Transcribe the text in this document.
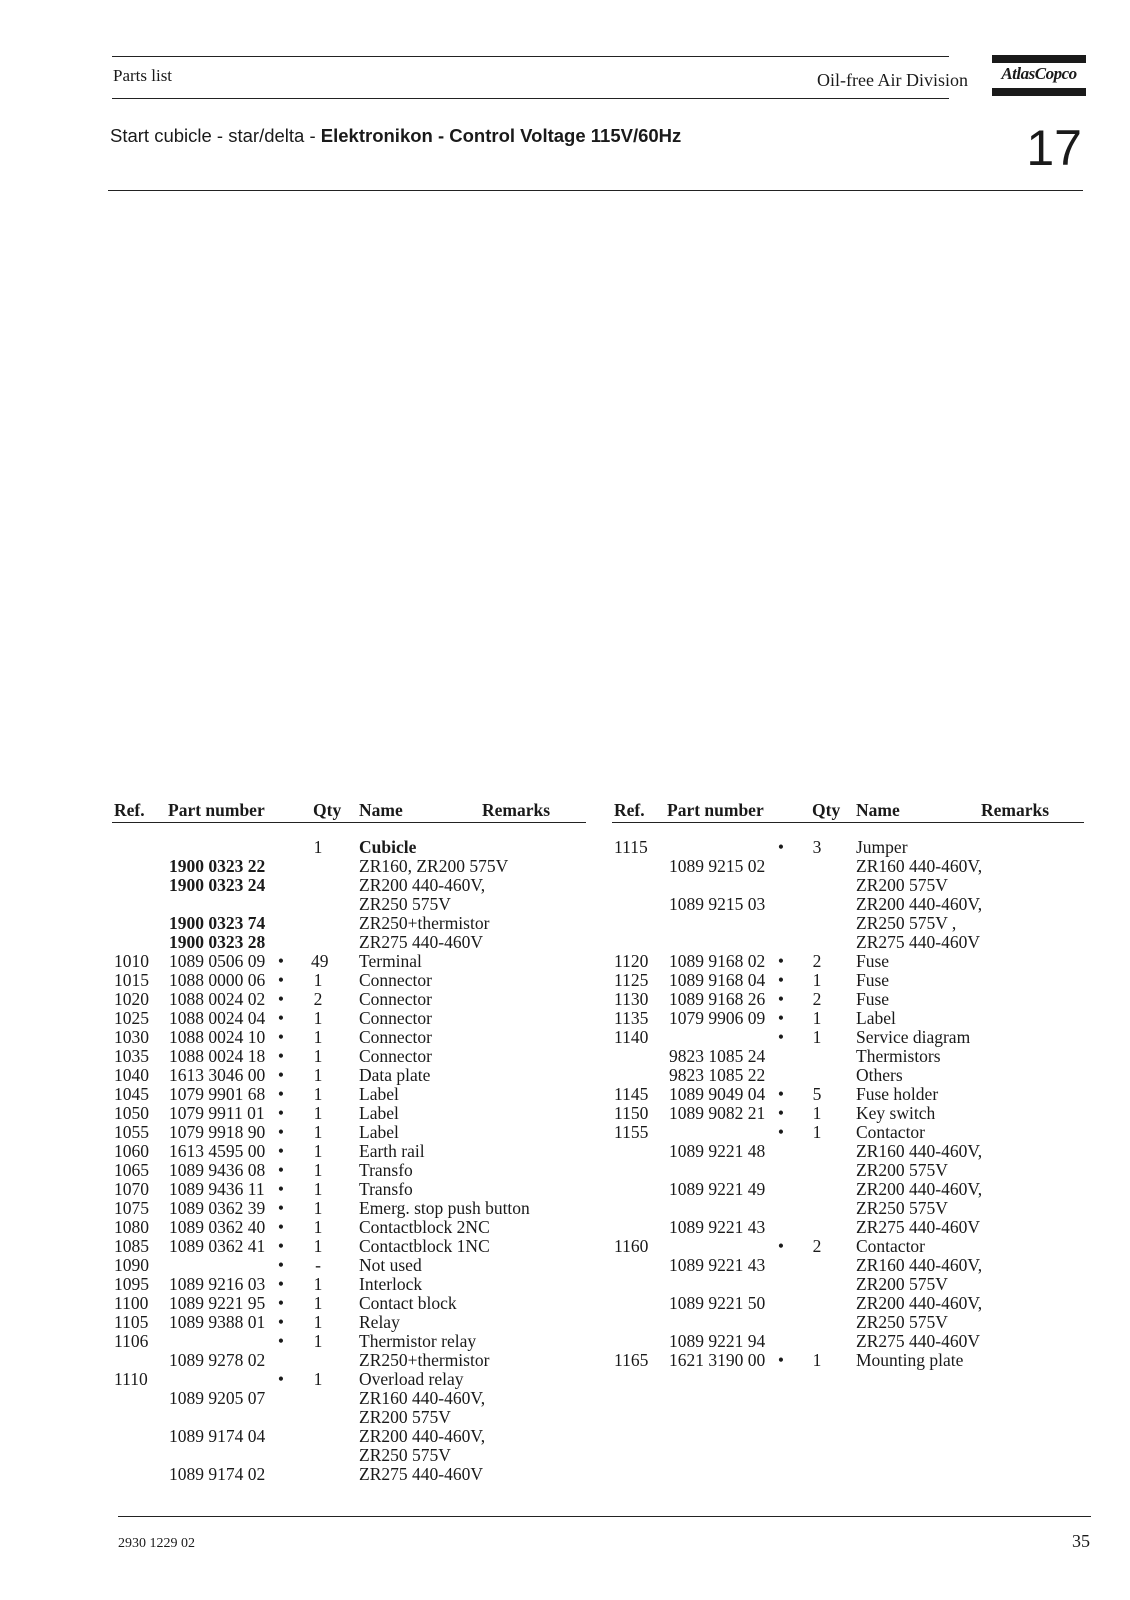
Parts list	Oil-free Air Division	AtlasCopco
Start cubicle - star/delta - Elektronikon - Control Voltage 115V/60Hz	17
Ref. Part number	Qty Name	Remarks	Ref. Part number	Qty Name	Remarks
1 Cubicle
1900 0323 22	ZR160, ZR200 575V
1900 0323 24	ZR200 440-460V,
ZR250 575V
1900 0323 74	ZR250+thermistor
1900 0323 28	ZR275 440-460V
1010 1089 0506 09 • 49 Terminal
1015 1088 0000 06 • 1 Connector
1020 1088 0024 02 • 2 Connector
1025 1088 0024 04 • 1 Connector
1030 1088 0024 10 • 1 Connector
1035 1088 0024 18 • 1 Connector
1040 1613 3046 00 • 1 Data plate
1045 1079 9901 68 • 1 Label
1050 1079 9911 01 • 1 Label
1055 1079 9918 90 • 1 Label
1060 1613 4595 00 • 1 Earth rail
1065 1089 9436 08 • 1 Transfo
1070 1089 9436 11 • 1 Transfo
1075 1089 0362 39 • 1 Emerg. stop push button
1080 1089 0362 40 • 1 Contactblock 2NC
1085 1089 0362 41 • 1 Contactblock 1NC
1090	• - Not used
1095 1089 9216 03 • 1 Interlock
1100 1089 9221 95 • 1 Contact block
1105 1089 9388 01 • 1 Relay
1106	• 1 Thermistor relay
1089 9278 02	ZR250+thermistor
1110	• 1 Overload relay
1089 9205 07	ZR160 440-460V,
ZR200 575V
1089 9174 04	ZR200 440-460V,
ZR250 575V
1089 9174 02	ZR275 440-460V
1115	• 3 Jumper
1089 9215 02	ZR160 440-460V,
ZR200 575V
1089 9215 03	ZR200 440-460V,
ZR250 575V ,
ZR275 440-460V
1120 1089 9168 02 • 2 Fuse
1125 1089 9168 04 • 1 Fuse
1130 1089 9168 26 • 2 Fuse
1135 1079 9906 09 • 1 Label
1140	• 1 Service diagram
9823 1085 24	Thermistors
9823 1085 22	Others
1145 1089 9049 04 • 5 Fuse holder
1150 1089 9082 21 • 1 Key switch
1155	• 1 Contactor
1089 9221 48	ZR160 440-460V,
ZR200 575V
1089 9221 49	ZR200 440-460V,
ZR250 575V
1089 9221 43	ZR275 440-460V
1160	• 2 Contactor
1089 9221 43	ZR160 440-460V,
ZR200 575V
1089 9221 50	ZR200 440-460V,
ZR250 575V
1089 9221 94	ZR275 440-460V
1165 1621 3190 00 • 1 Mounting plate
2930 1229 02	35
